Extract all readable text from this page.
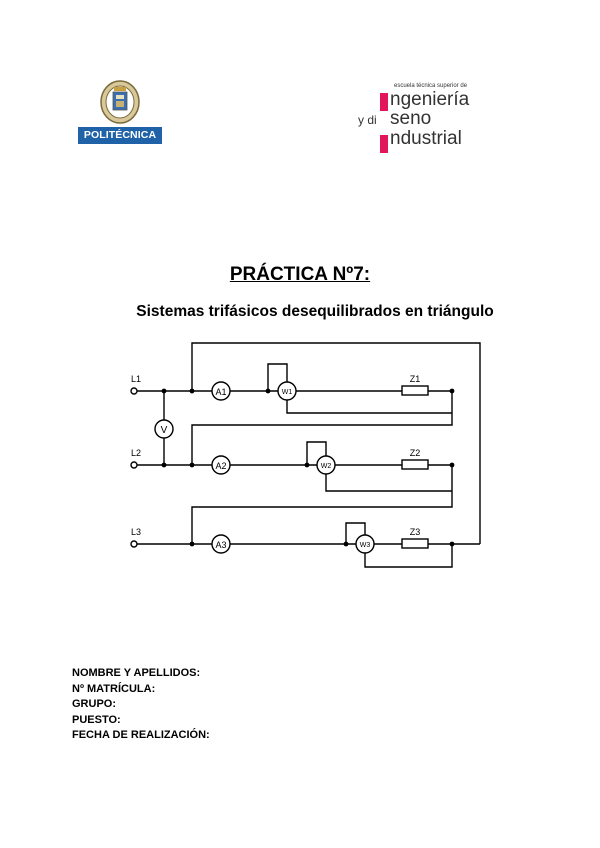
POLITÉCNICA
escuela técnica superior de
ngeniería
y di seno
ndustrial
PRÁCTICA Nº7:
Sistemas trifásicos desequilibrados en triángulo
V
A1
A2
A3
W1
W2
W3
Z1
Z2
Z3
L1
L2
L3
NOMBRE Y APELLIDOS:
Nº MATRÍCULA:
GRUPO:
PUESTO:
FECHA DE REALIZACIÓN:
